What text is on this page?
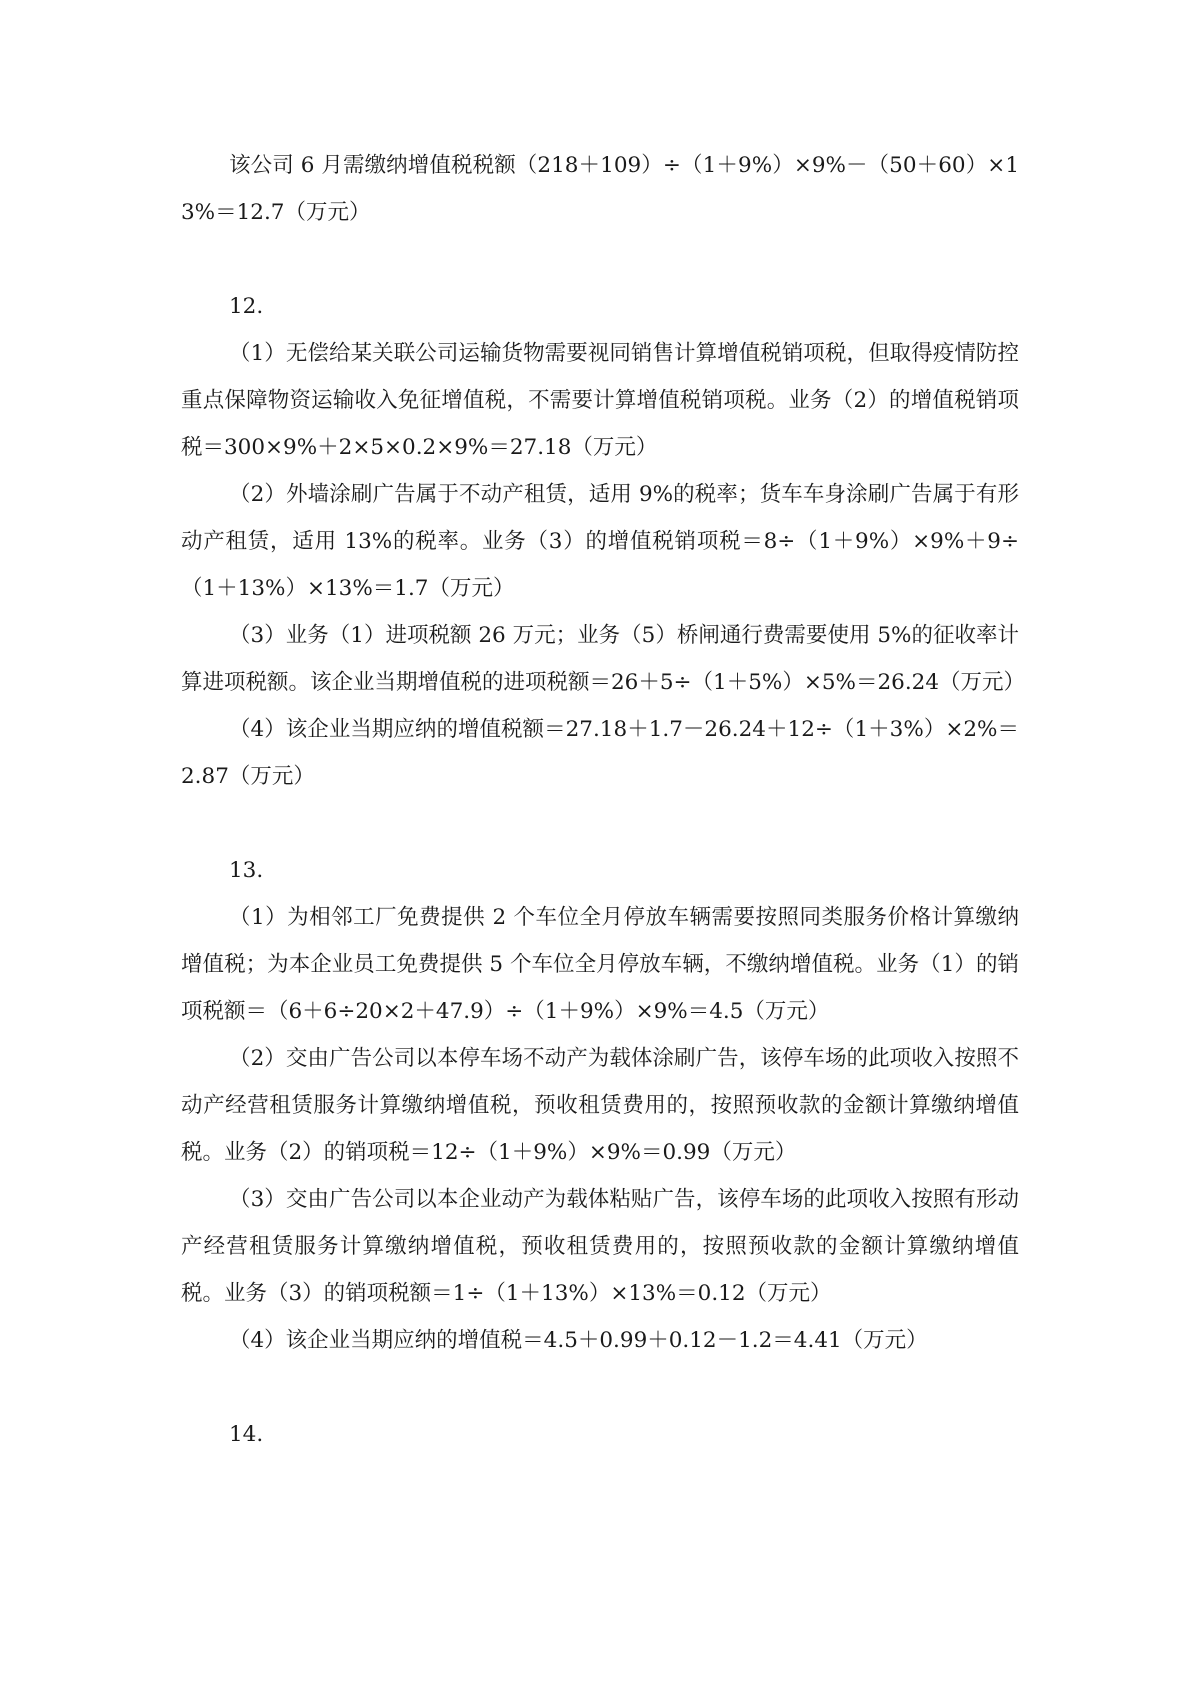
该公司 6 月需缴纳增值税税额（218＋109）÷（1＋9%）×9%－（50＋60）×13%＝12.7（万元）

12.

（1）无偿给某关联公司运输货物需要视同销售计算增值税销项税，但取得疫情防控重点保障物资运输收入免征增值税，不需要计算增值税销项税。业务（2）的增值税销项税＝300×9%＋2×5×0.2×9%＝27.18（万元）

（2）外墙涂刷广告属于不动产租赁，适用 9%的税率；货车车身涂刷广告属于有形动产租赁，适用 13%的税率。业务（3）的增值税销项税＝8÷（1＋9%）×9%＋9÷（1＋13%）×13%＝1.7（万元）

（3）业务（1）进项税额 26 万元；业务（5）桥闸通行费需要使用 5%的征收率计算进项税额。该企业当期增值税的进项税额＝26＋5÷（1＋5%）×5%＝26.24（万元）

（4）该企业当期应纳的增值税额＝27.18＋1.7－26.24＋12÷（1＋3%）×2%＝2.87（万元）

13.

（1）为相邻工厂免费提供 2 个车位全月停放车辆需要按照同类服务价格计算缴纳增值税；为本企业员工免费提供 5 个车位全月停放车辆，不缴纳增值税。业务（1）的销项税额＝（6＋6÷20×2＋47.9）÷（1＋9%）×9%＝4.5（万元）

（2）交由广告公司以本停车场不动产为载体涂刷广告，该停车场的此项收入按照不动产经营租赁服务计算缴纳增值税，预收租赁费用的，按照预收款的金额计算缴纳增值税。业务（2）的销项税＝12÷（1＋9%）×9%＝0.99（万元）

（3）交由广告公司以本企业动产为载体粘贴广告，该停车场的此项收入按照有形动产经营租赁服务计算缴纳增值税，预收租赁费用的，按照预收款的金额计算缴纳增值税。业务（3）的销项税额＝1÷（1＋13%）×13%＝0.12（万元）

（4）该企业当期应纳的增值税＝4.5＋0.99＋0.12－1.2＝4.41（万元）

14.
